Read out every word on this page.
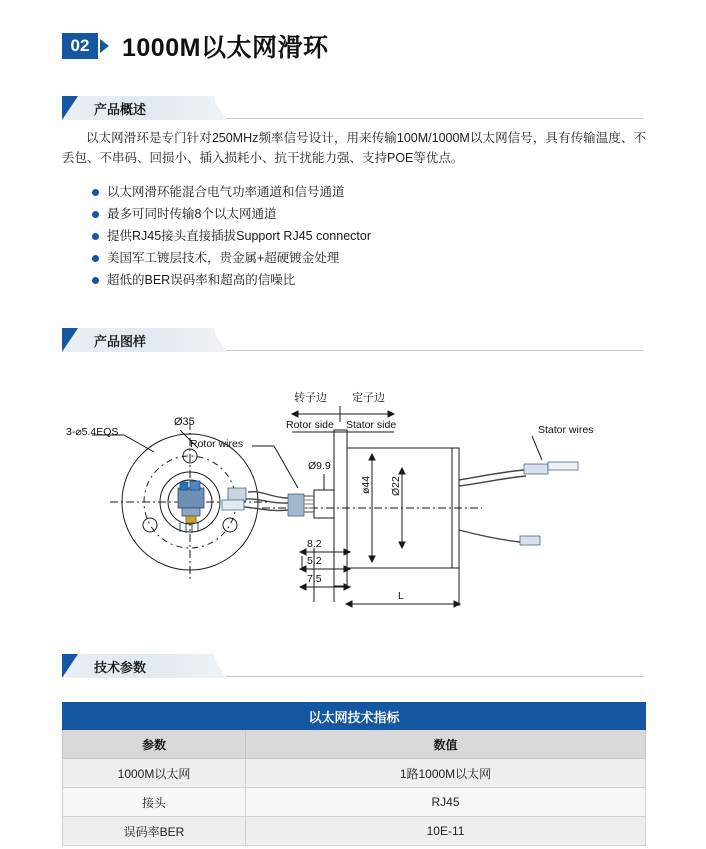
02	1000M以太网滑环
产品概述
以太网滑环是专门针对250MHz频率信号设计，用来传输100M/1000M以太网信号，具有传输温度、不丢包、不串码、回损小、插入损耗小、抗干扰能力强、支持POE等优点。
以太网滑环能混合电气功率通道和信号通道
最多可同时传输8个以太网通道
提供RJ45接头直接插拔Support RJ45 connector
美国军工镀层技术，贵金属+超硬镀金处理
超低的BER误码率和超高的信噪比
产品图样
3-⌀5.4EQS
Ø35
转子边 定子边
Rotor side Stator side
Rotor wires
Stator wires
Ø9.9
ø44 Ø22
8.2
5.2
7.5
L
技术参数
以太网技术指标	
参数	数值
1000M以太网	1路1000M以太网
接头	RJ45
误码率BER	10E-11
